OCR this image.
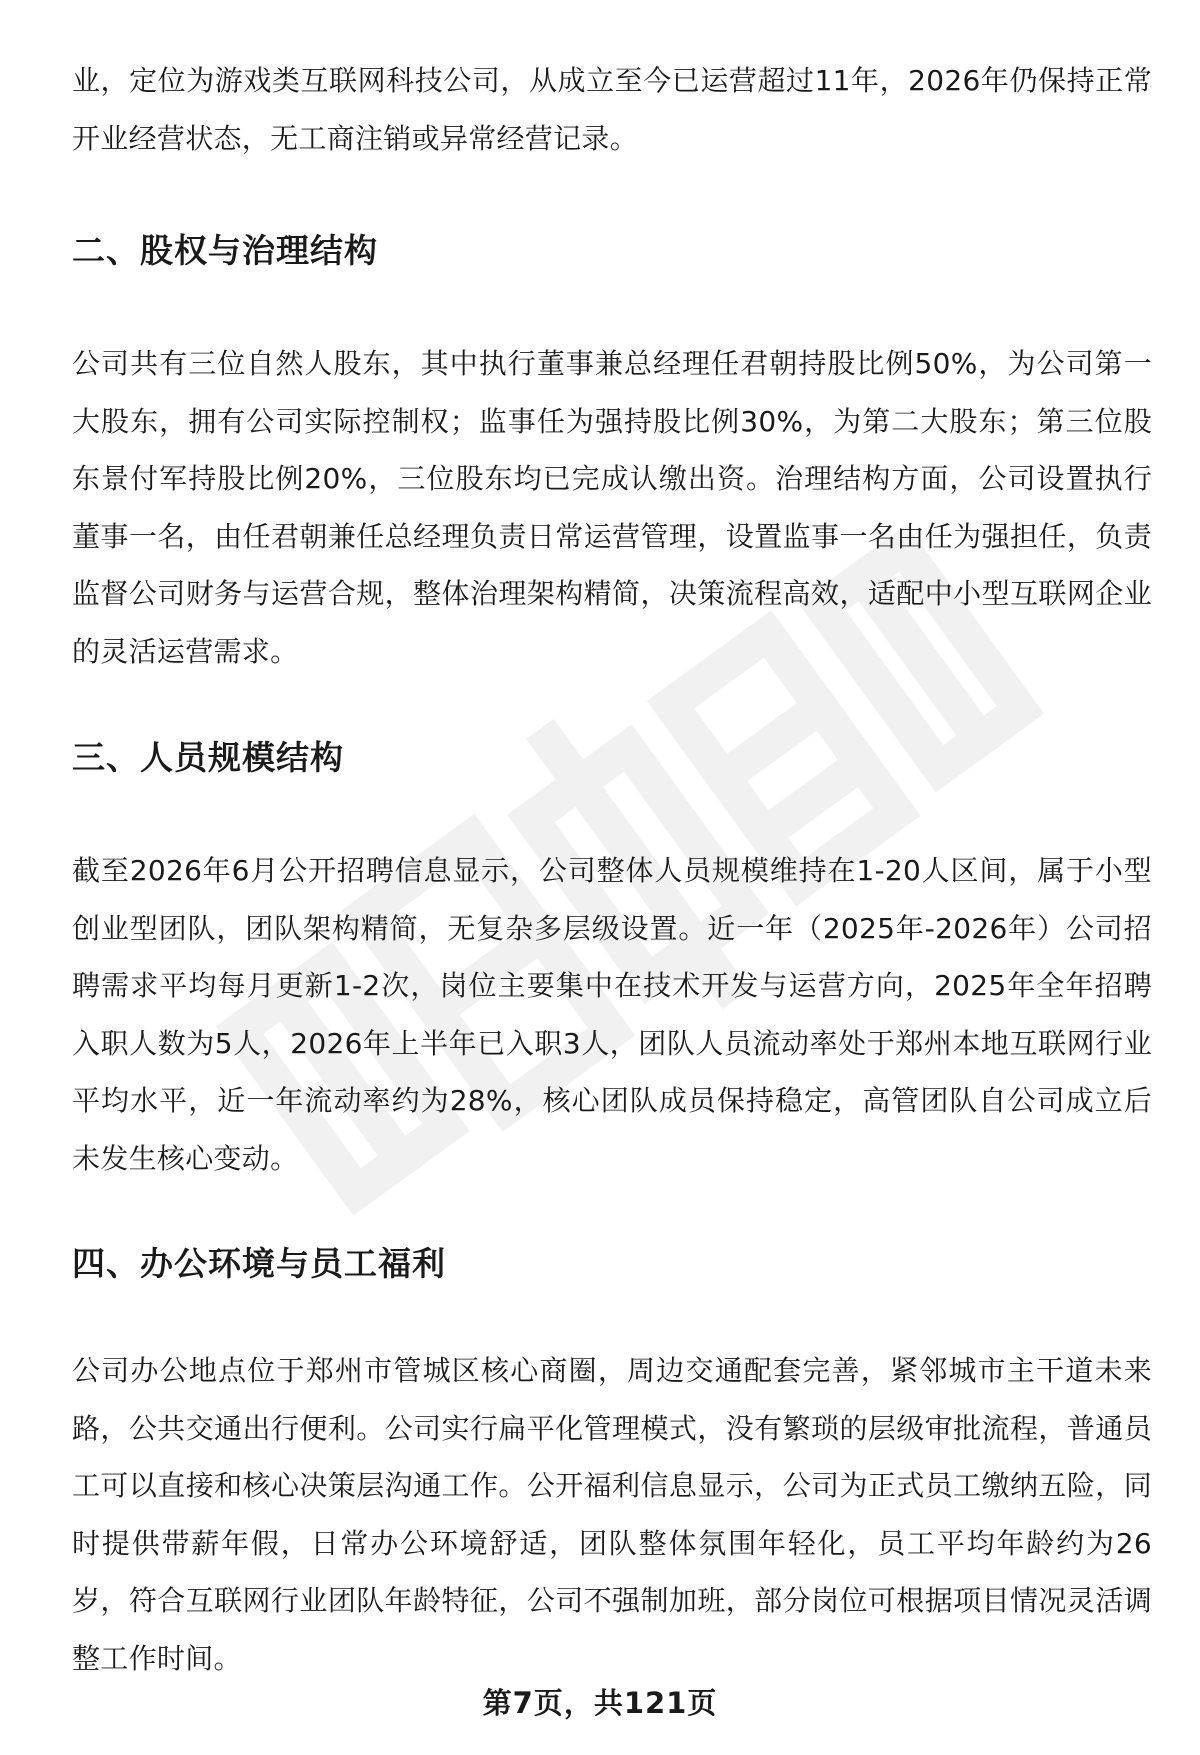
业，定位为游戏类互联网科技公司，从成立至今已运营超过11年，2026年仍保持正常开业经营状态，无工商注销或异常经营记录。

二、股权与治理结构

公司共有三位自然人股东，其中执行董事兼总经理任君朝持股比例50%，为公司第一大股东，拥有公司实际控制权；监事任为强持股比例30%，为第二大股东；第三位股东景付军持股比例20%，三位股东均已完成认缴出资。治理结构方面，公司设置执行董事一名，由任君朝兼任总经理负责日常运营管理，设置监事一名由任为强担任，负责监督公司财务与运营合规，整体治理架构精简，决策流程高效，适配中小型互联网企业的灵活运营需求。

三、人员规模结构

截至2026年6月公开招聘信息显示，公司整体人员规模维持在1-20人区间，属于小型创业型团队，团队架构精简，无复杂多层级设置。近一年（2025年-2026年）公司招聘需求平均每月更新1-2次，岗位主要集中在技术开发与运营方向，2025年全年招聘入职人数为5人，2026年上半年已入职3人，团队人员流动率处于郑州本地互联网行业平均水平，近一年流动率约为28%，核心团队成员保持稳定，高管团队自公司成立后未发生核心变动。

四、办公环境与员工福利

公司办公地点位于郑州市管城区核心商圈，周边交通配套完善，紧邻城市主干道未来路，公共交通出行便利。公司实行扁平化管理模式，没有繁琐的层级审批流程，普通员工可以直接和核心决策层沟通工作。公开福利信息显示，公司为正式员工缴纳五险，同时提供带薪年假，日常办公环境舒适，团队整体氛围年轻化，员工平均年龄约为26岁，符合互联网行业团队年龄特征，公司不强制加班，部分岗位可根据项目情况灵活调整工作时间。

第7页，共121页
